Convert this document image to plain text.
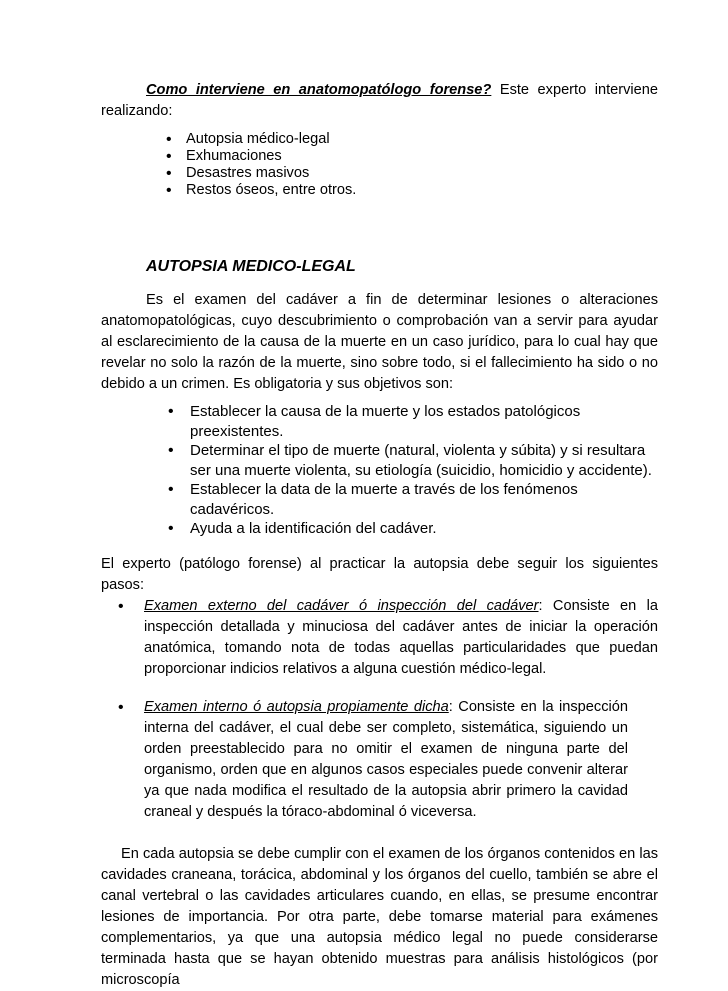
Como interviene en anatomopatólogo forense? Este experto interviene realizando:

• Autopsia médico-legal
• Exhumaciones
• Desastres masivos
• Restos óseos, entre otros.
AUTOPSIA MEDICO-LEGAL

Es el examen del cadáver a fin de determinar lesiones o alteraciones anatomopatológicas, cuyo descubrimiento o comprobación van a servir para ayudar al esclarecimiento de la causa de la muerte en un caso jurídico, para lo cual hay que revelar no solo la razón de la muerte, sino sobre todo, si el fallecimiento ha sido o no debido a un crimen. Es obligatoria y sus objetivos son:

• Establecer la causa de la muerte y los estados patológicos preexistentes.
• Determinar el tipo de muerte (natural, violenta y súbita) y si resultara ser una muerte violenta, su etiología (suicidio, homicidio y accidente).
• Establecer la data de la muerte a través de los fenómenos cadavéricos.
• Ayuda a la identificación del cadáver.

El experto (patólogo forense) al practicar la autopsia debe seguir los siguientes pasos:

• Examen externo del cadáver ó inspección del cadáver: Consiste en la inspección detallada y minuciosa del cadáver antes de iniciar la operación anatómica, tomando nota de todas aquellas particularidades que puedan proporcionar indicios relativos a alguna cuestión médico-legal.
• Examen interno ó autopsia propiamente dicha: Consiste en la inspección interna del cadáver, el cual debe ser completo, sistemática, siguiendo un orden preestablecido para no omitir el examen de ninguna parte del organismo, orden que en algunos casos especiales puede convenir alterar ya que nada modifica el resultado de la autopsia abrir primero la cavidad craneal y después la tóraco-abdominal ó viceversa.

En cada autopsia se debe cumplir con el examen de los órganos contenidos en las cavidades craneana, torácica, abdominal y los órganos del cuello, también se abre el canal vertebral o las cavidades articulares cuando, en ellas, se presume encontrar lesiones de importancia. Por otra parte, debe tomarse material para exámenes complementarios, ya que una autopsia médico legal no puede considerarse terminada hasta que se hayan obtenido muestras para análisis histológicos (por microscopía
